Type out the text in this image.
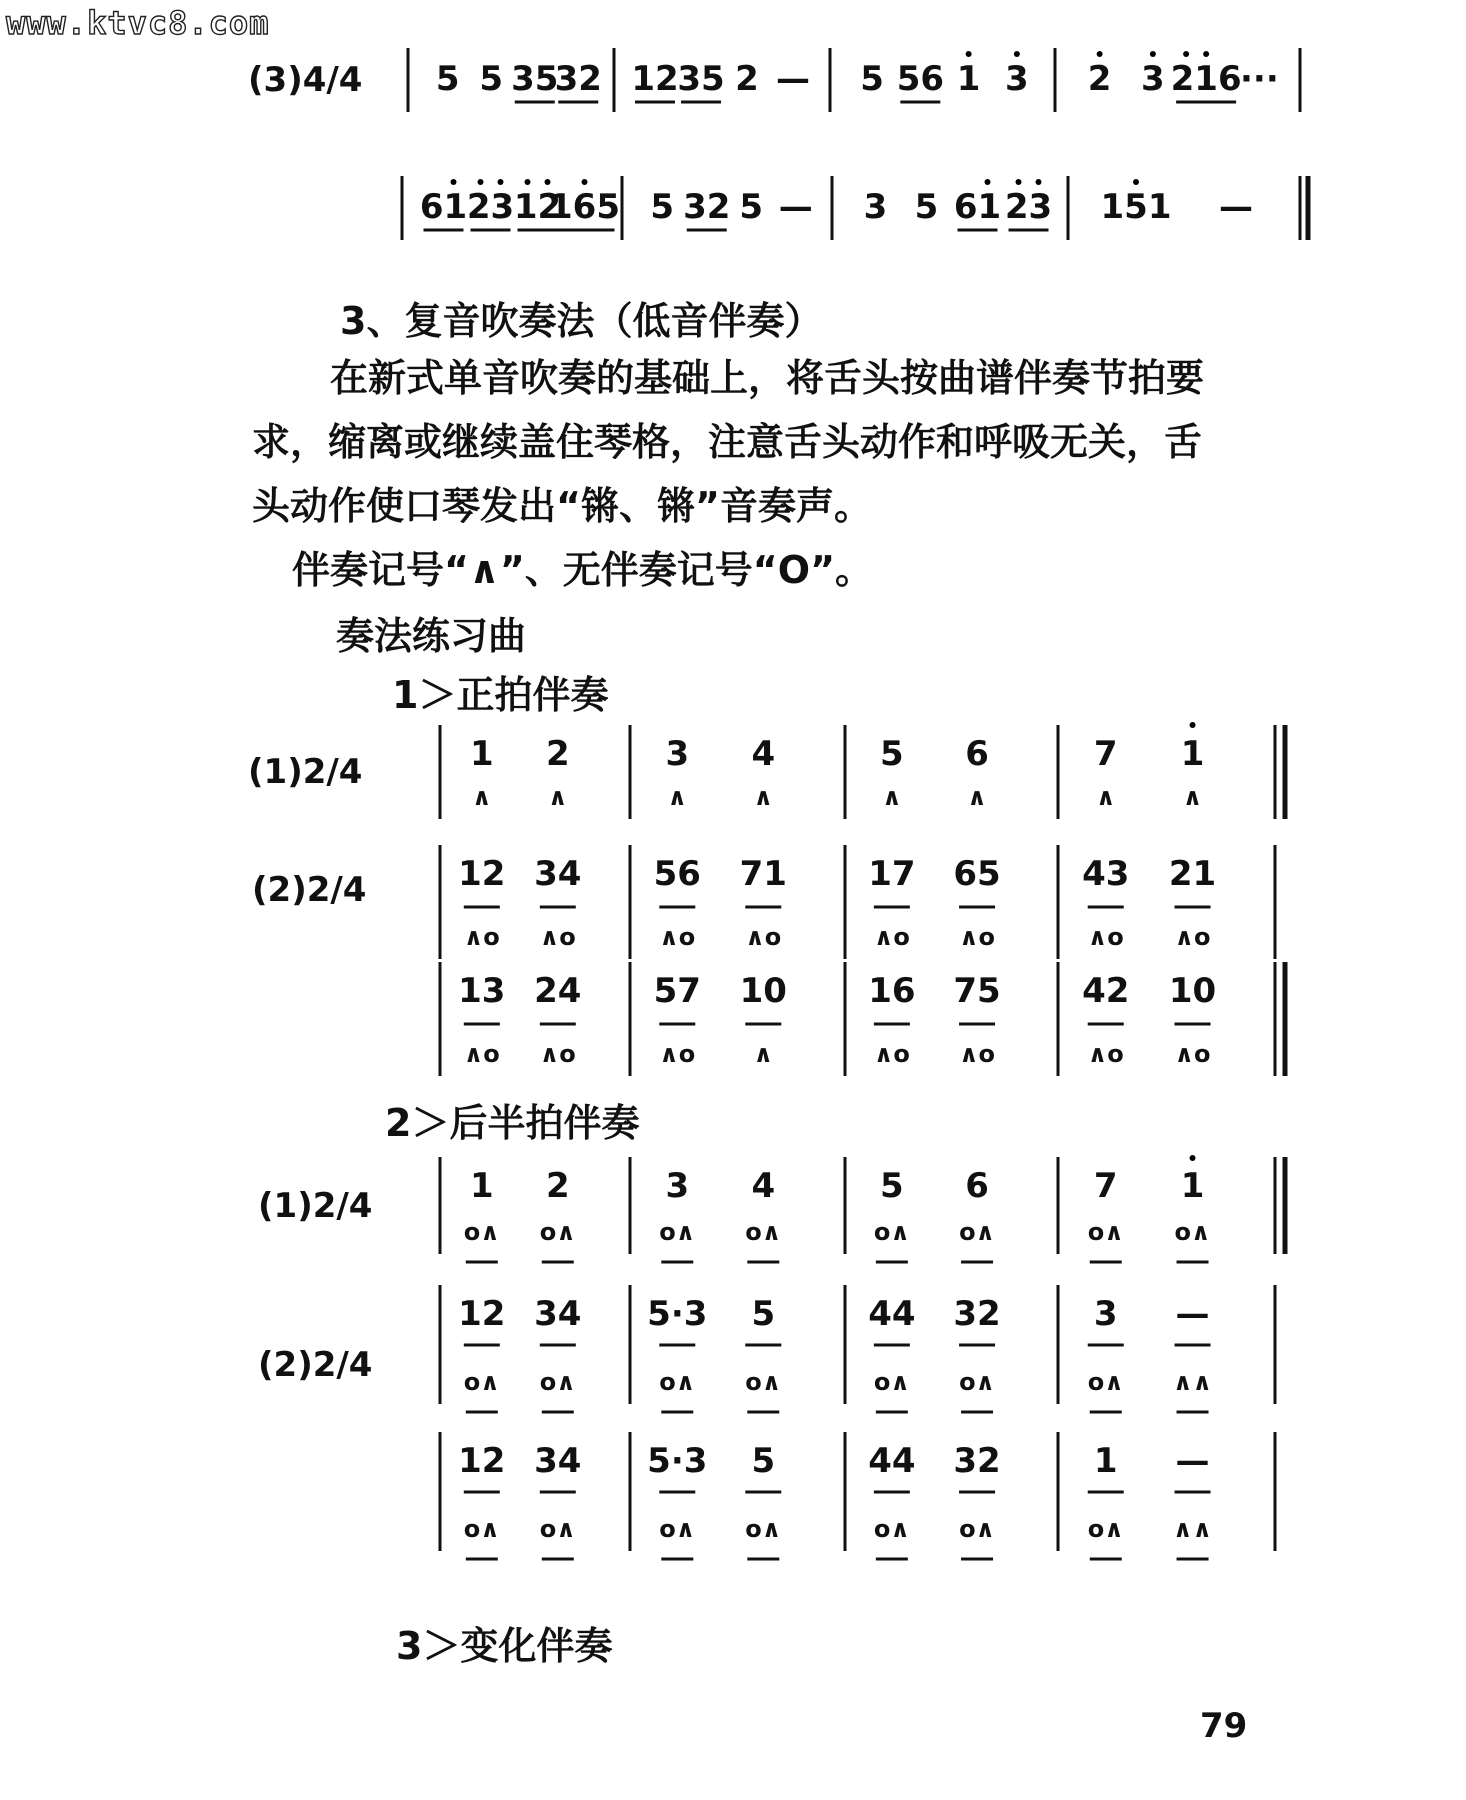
www.ktvc8.com
(3)4/4 5 5 35
32 12
35 2 — 5 56 1 3 2 3 216
···
61 23 12
165 5 32 5 — 3 5 61 23 151 —
3、复音吹奏法（低音伴奏）
在新式单音吹奏的基础上，将舌头按曲谱伴奏节拍要
求，缩离或继续盖住琴格，注意舌头动作和呼吸无关，舌
头动作使口琴发出“锵、锵”音奏声。
伴奏记号“∧”、无伴奏记号“O”。
奏法练习曲
1＞正拍伴奏
(1)2/4
(2)2/4
2＞后半拍伴奏
(1)2/4
(2)2/4
3＞变化伴奏
79
1 2	3 4	5 6	7 1
∧ ∧	∧	∧	∧	∧	∧	∧
12 34 56 71 17 65 43 21
∧o ∧o	∧o ∧o	∧o ∧o	∧o ∧o
13 24 57 10 16 75 42 10
∧o ∧o	∧o ∧	∧o ∧o	∧o ∧o
1 2	3 4	5 6	7 1
o∧ o∧	o∧ o∧	o∧ o∧	o∧ o∧
12 34 5·3 5	44 32	3 —
o∧ o∧	o∧ o∧	o∧ o∧	o∧ ∧∧
12 34 5·3 5	44 32	1 —
o∧ o∧	o∧ o∧	o∧ o∧	o∧ ∧∧
